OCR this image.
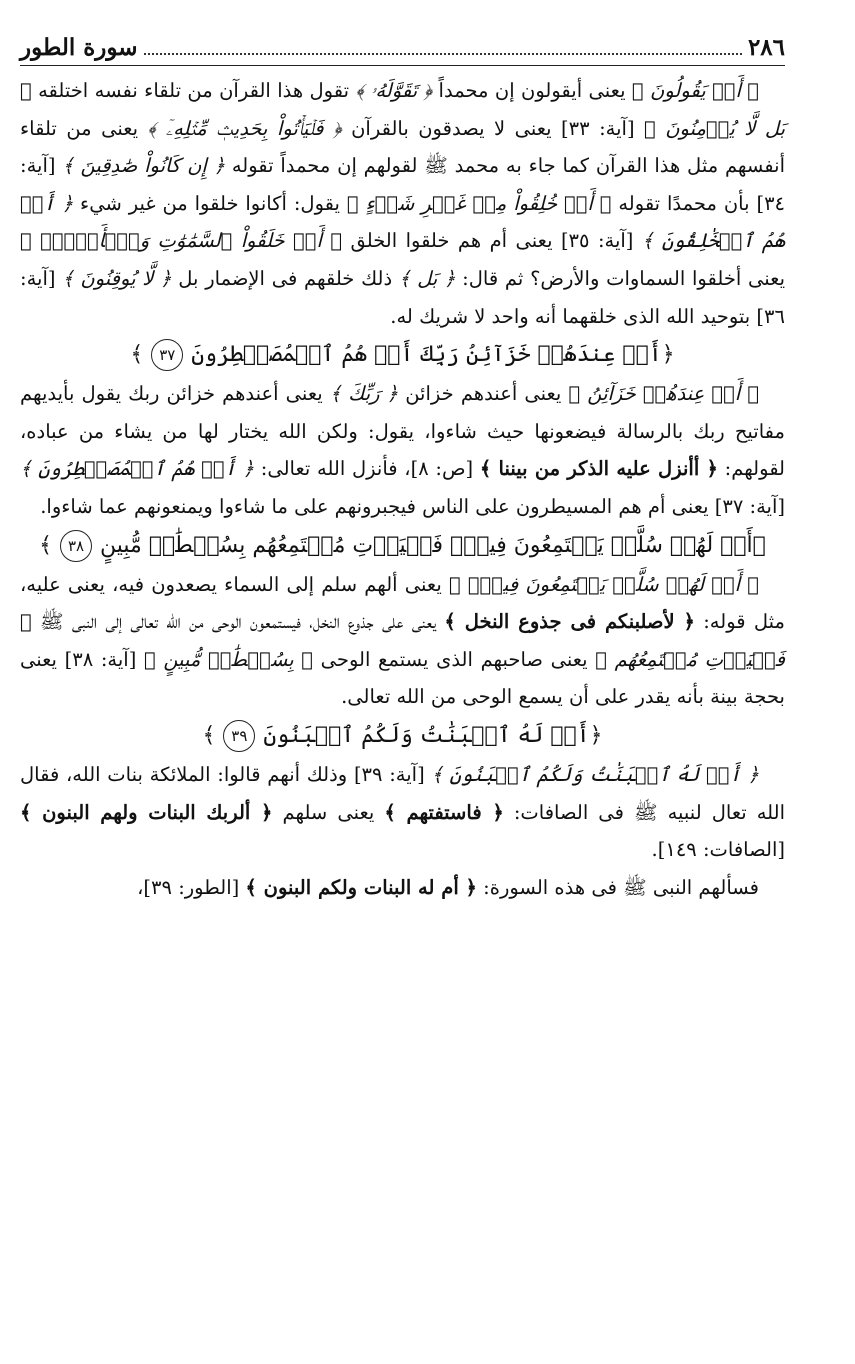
٢٨٦
سورة الطور

﴿ أَمۡ يَقُولُونَ ﴾ يعنى أيقولون إن محمداً ﴿ تَقَوَّلَهُۥ ﴾ تقول هذا القرآن من تلقاء نفسه اختلقه ﴿ بَل لَّا يُؤۡمِنُونَ ﴾ [آية: ٣٣] يعنى لا يصدقون بالقرآن ﴿ فَلۡيَأۡتُواْ بِحَدِيثٖ مِّثۡلِهِۦٓ ﴾ يعنى من تلقاء أنفسهم مثل هذا القرآن كما جاء به محمد ﷺ لقولهم إن محمداً تقوله ﴿ إِن كَانُواْ صَٰدِقِينَ ﴾ [آية: ٣٤] بأن محمدًا تقوله ﴿ أَمۡ خُلِقُواْ مِنۡ غَيۡرِ شَيۡءٍ ﴾ يقول: أكانوا خلقوا من غير شيء ﴿ أَمۡ هُمُ ٱلۡخَٰلِقُونَ ﴾ [آية: ٣٥] يعنى أم هم خلقوا الخلق ﴿ أَمۡ خَلَقُواْ ٱلسَّمَٰوَٰتِ وَٱلۡأَرۡضَۚ ﴾ يعنى أخلقوا السماوات والأرض؟ ثم قال: ﴿ بَل ﴾ ذلك خلقهم فى الإضمار بل ﴿ لَّا يُوقِنُونَ ﴾ [آية: ٣٦] بتوحيد الله الذى خلقهما أنه واحد لا شريك له.

﴿أَمۡ عِندَهُمۡ خَزَآئِنُ رَبِّكَ أَمۡ هُمُ ٱلۡمُصَيۡطِرُونَ٣٧﴾

﴿ أَمۡ عِندَهُمۡ خَزَآئِنُ ﴾ يعنى أعندهم خزائن ﴿ رَبِّكَ ﴾ يعنى أعندهم خزائن ربك يقول بأيديهم مفاتيح ربك بالرسالة فيضعونها حيث شاءوا، يقول: ولكن الله يختار لها من يشاء من عباده، لقولهم: ﴿ أأنزل عليه الذكر من بيننا ﴾ [ص: ٨]، فأنزل الله تعالى: ﴿ أَمۡ هُمُ ٱلۡمُصَيۡطِرُونَ ﴾ [آية: ٣٧] يعنى أم هم المسيطرون على الناس فيجبرونهم على ما شاءوا ويمنعونهم عما شاءوا.

﴿أَمۡ لَهُمۡ سُلَّمٞ يَسۡتَمِعُونَ فِيهِۖ فَلۡيَأۡتِ مُسۡتَمِعُهُم بِسُلۡطَٰنٖ مُّبِينٍ٣٨﴾

﴿ أَمۡ لَهُمۡ سُلَّمٞ يَسۡتَمِعُونَ فِيهِۖ ﴾ يعنى ألهم سلم إلى السماء يصعدون فيه، يعنى عليه، مثل قوله: ﴿ لأصلبنكم فى جذوع النخل ﴾ يعنى على جذوع النخل، فيستمعون الوحى من الله تعالى إلى النبى ﷺ ﴿ فَلۡيَأۡتِ مُسۡتَمِعُهُم ﴾ يعنى صاحبهم الذى يستمع الوحى ﴿ بِسُلۡطَٰنٖ مُّبِينٍ ﴾ [آية: ٣٨] يعنى بحجة بينة بأنه يقدر على أن يسمع الوحى من الله تعالى.

﴿أَمۡ لَهُ ٱلۡبَنَٰتُ وَلَكُمُ ٱلۡبَنُونَ٣٩﴾

﴿ أَمۡ لَهُ ٱلۡبَنَٰتُ وَلَكُمُ ٱلۡبَنُونَ ﴾ [آية: ٣٩] وذلك أنهم قالوا: الملائكة بنات الله، فقال الله تعال لنبيه ﷺ فى الصافات: ﴿ فاستفتهم ﴾ يعنى سلهم ﴿ ألربك البنات ولهم البنون ﴾ [الصافات: ١٤٩].

فسألهم النبى ﷺ فى هذه السورة: ﴿ أم له البنات ولكم البنون ﴾ [الطور: ٣٩]،
